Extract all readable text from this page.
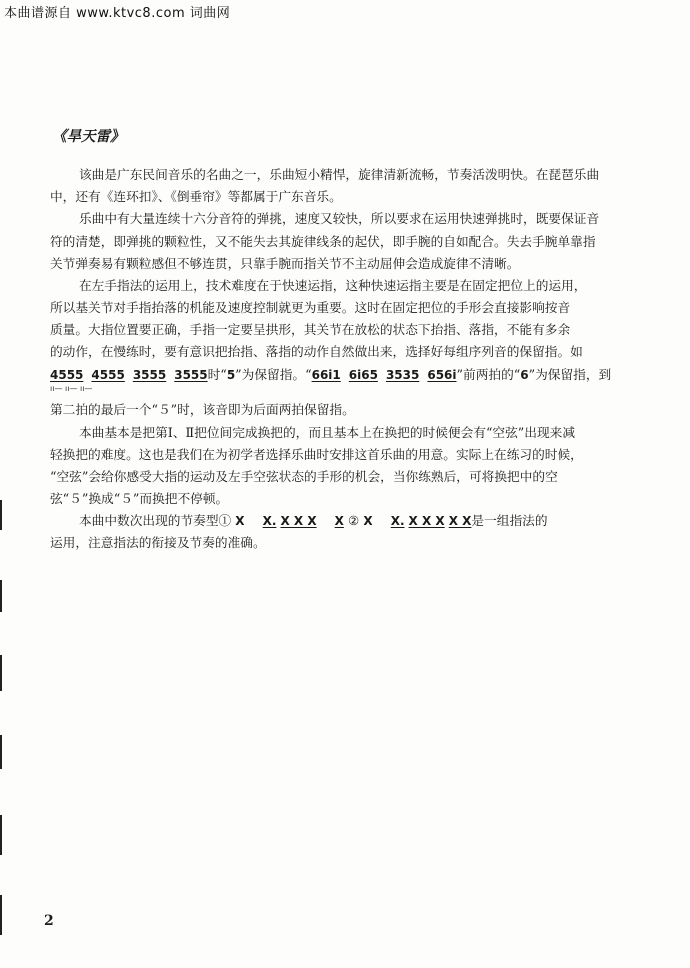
本曲谱源自 www.ktvc8.com 词曲网
《旱天雷》
该曲是广东民间音乐的名曲之一，乐曲短小精悍，旋律清新流畅，节奏活泼明快。在琵琶乐曲
中，还有《连环扣》、《倒垂帘》等都属于广东音乐。
乐曲中有大量连续十六分音符的弹挑，速度又较快，所以要求在运用快速弹挑时，既要保证音
符的清楚，即弹挑的颗粒性，又不能失去其旋律线条的起伏，即手腕的自如配合。失去手腕单靠指
关节弹奏易有颗粒感但不够连贯，只靠手腕而指关节不主动屈伸会造成旋律不清晰。
在左手指法的运用上，技术难度在于快速运指，这种快速运指主要是在固定把位上的运用，
所以基关节对手指抬落的机能及速度控制就更为重要。这时在固定把位的手形会直接影响按音
质量。大指位置要正确，手指一定要呈拱形，其关节在放松的状态下抬指、落指，不能有多余
的动作，在慢练时，要有意识把抬指、落指的动作自然做出来，选择好每组序列音的保留指。如
4555 4555 3555 3555时“5”为保留指。“66i1 6i65 3535 656i”前两拍的“6”为保留指，到
ıı— ıı— ıı—
第二拍的最后一个“５”时，该音即为后面两拍保留指。
本曲基本是把第Ⅰ、Ⅱ把位间完成换把的，而且基本上在换把的时候便会有“空弦”出现来减
轻换把的难度。这也是我们在为初学者选择乐曲时安排这首乐曲的用意。实际上在练习的时候，
“空弦”会给你感受大指的运动及左手空弦状态的手形的机会，当你练熟后，可将换把中的空
弦“５”换成“５”而换把不停顿。
本曲中数次出现的节奏型① X X. X X X X ② X X. X X X X X是一组指法的
运用，注意指法的衔接及节奏的准确。
2
